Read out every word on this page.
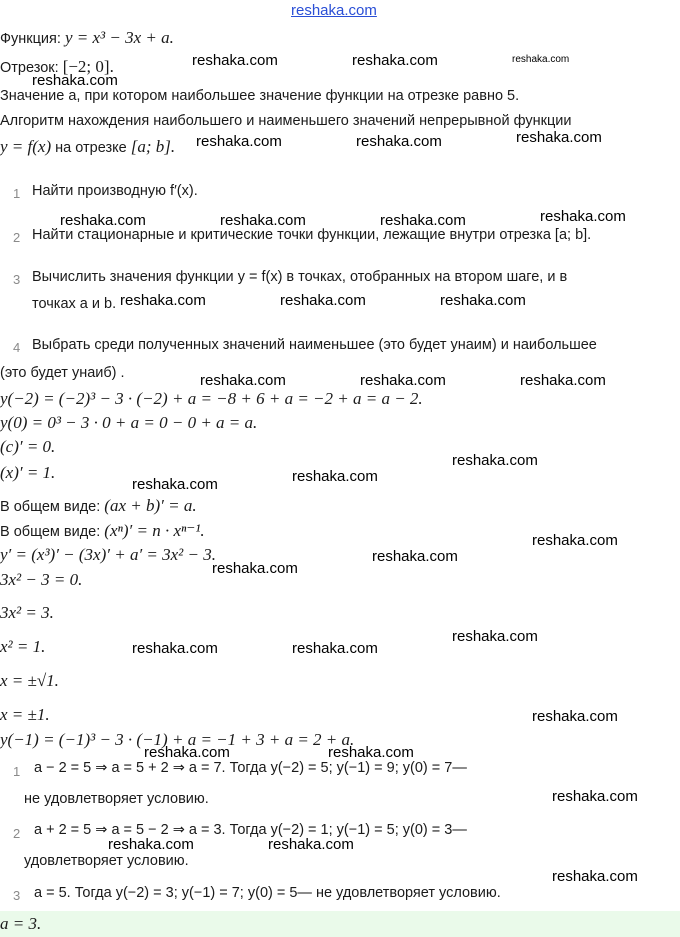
reshaka.com
Функция: y = x³ − 3x + a.
Отрезок: [−2; 0].
Значение a, при котором наибольшее значение функции на отрезке равно 5.
Алгоритм нахождения наибольшего и наименьшего значений непрерывной функции
y = f(x) на отрезке [a; b].
1 Найти производную f′(x).
2 Найти стационарные и критические точки функции, лежащие внутри отрезка [a; b].
3 Вычислить значения функции y = f(x) в точках, отобранных на втором шаге, и в
точках a и b.
4 Выбрать среди полученных значений наименьшее (это будет yнаим) и наибольшее
(это будет yнаиб) .
y(−2) = (−2)³ − 3 · (−2) + a = −8 + 6 + a = −2 + a = a − 2.
y(0) = 0³ − 3 · 0 + a = 0 − 0 + a = a.
(c)′ = 0.
(x)′ = 1.
В общем виде: (ax + b)′ = a.
В общем виде: (xⁿ)′ = n · xⁿ⁻¹.
y′ = (x³)′ − (3x)′ + a′ = 3x² − 3.
3x² − 3 = 0.
3x² = 3.
x² = 1.
x = ±√1.
x = ±1.
y(−1) = (−1)³ − 3 · (−1) + a = −1 + 3 + a = 2 + a.
1 a − 2 = 5 ⇒ a = 5 + 2 ⇒ a = 7. Тогда y(−2) = 5; y(−1) = 9; y(0) = 7—
не удовлетворяет условию.
2 a + 2 = 5 ⇒ a = 5 − 2 ⇒ a = 3. Тогда y(−2) = 1; y(−1) = 5; y(0) = 3—
удовлетворяет условию.
3 a = 5. Тогда y(−2) = 3; y(−1) = 7; y(0) = 5— не удовлетворяет условию.
a = 3.
reshaka.com	reshaka.com	reshaka.com
reshaka.com
reshaka.com	reshaka.com	reshaka.com
reshaka.com	reshaka.com	reshaka.com	reshaka.com
reshaka.com	reshaka.com	reshaka.com
reshaka.com	reshaka.com	reshaka.com
reshaka.com	reshaka.com
reshaka.com
reshaka.com
reshaka.com
reshaka.com
reshaka.com	reshaka.com
reshaka.com
reshaka.com
reshaka.com	reshaka.com
reshaka.com
reshaka.com	reshaka.com
reshaka.com
